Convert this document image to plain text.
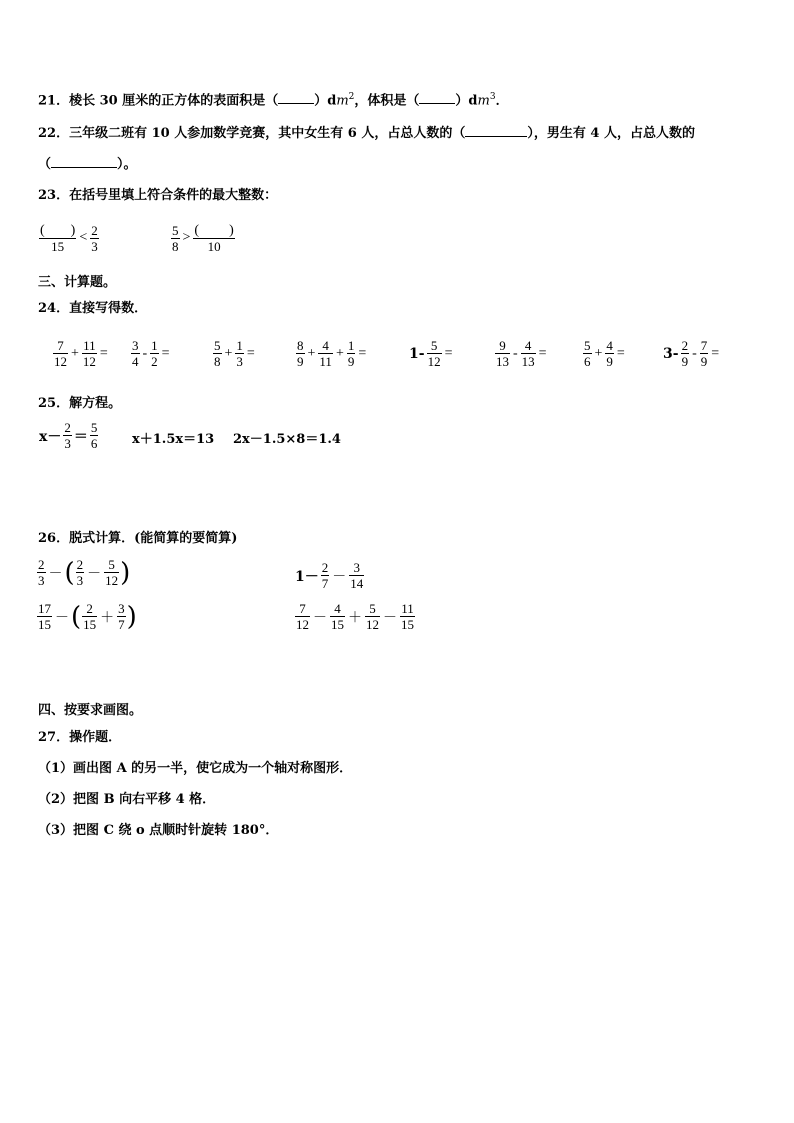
21．棱长 30 厘米的正方体的表面积是（	）$dm^2$，体积是（	）$dm^3$．
22．三年级二班有 10 人参加数学竞赛，其中女生有 6 人，占总人数的（	），男生有 4 人，占总人数的
（	）。
23．在括号里填上符合条件的最大整数：
$\frac{( )}{15} < \frac{2}{3}$	$\frac{5}{8} > \frac{( )}{10}$
三、计算题。
24．直接写得数．
$\frac{7}{12} + \frac{11}{12} = \frac{3}{4} - \frac{1}{2}$ =	$\frac{5}{8} + \frac{1}{3}$ =	$\frac{8}{9} + \frac{4}{11} + \frac{1}{9}$ =	$1- \frac{5}{12}$ =	$\frac{9}{13} - \frac{4}{13}$ =	$\frac{5}{6} + \frac{4}{9}$ =	$3- \frac{2}{9} - \frac{7}{9}$ =
25．解方程。
$x- \frac{2}{3} = \frac{5}{6}$	x＋1.5x＝13 2x－1.5×8＝1.4
26．脱式计算．(能简算的要简算)
$\frac{2}{3}$ － ( $\frac{2}{3} - \frac{5}{12}$ )	$1- \frac{2}{7} - \frac{3}{14}$
$\frac{17}{15}$ － ( $\frac{2}{15} + \frac{3}{7}$ )	$\frac{7}{12} - \frac{4}{15} + \frac{5}{12} - \frac{11}{15}$
四、按要求画图。
27．操作题．
（1）画出图 A 的另一半，使它成为一个轴对称图形．
（2）把图 B 向右平移 4 格．
（3）把图 C 绕 o 点顺时针旋转 180°．
